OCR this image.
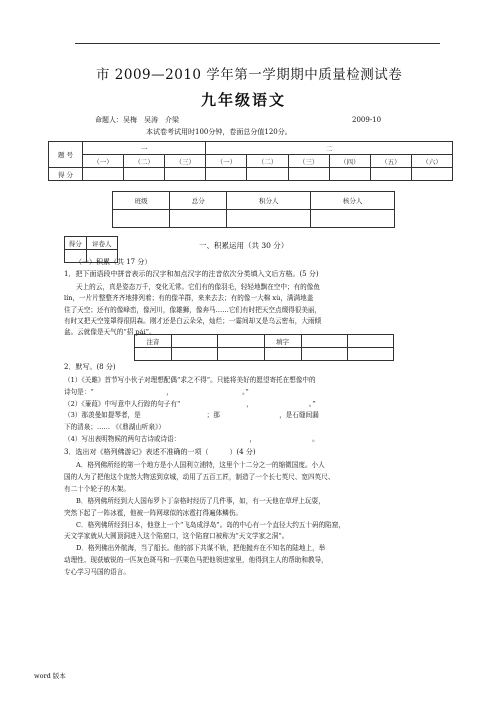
市 2009—2010 学年第一学期期中质量检测试卷
九年级语文
命题人：吴梅　吴涛　介梁	2009-10
本试卷考试用时100分钟，卷面总分值120分。
题 号	一			二					
	（一）	（二）	（三）	（一）	（二）	（三）	（四）	（五）	（六）
得 分									
班级	总分	积分人	核分人

得分	评卷人
		一、积累运用（共 30 分）
（一）积累（共 17 分）
1．把下面语段中拼音表示的汉字和加点汉字的注音依次分类填入文后方格。(5 分)

天上的云，真是姿态万千，变化无常。它们有的像羽毛，轻轻地飘在空中；有的像鱼

lín，一片片整整齐齐地排列着；有的像羊群，来来去去；有的像一大棉 xù，满满地盖

住了天空；还有的像峰峦，像河川，像雄狮，像奔马……它们有时把天空点缀得很美丽，

有时又把天空笼罩得很阴森。刚才还是白云朵朵，灿烂；一霎间却又是乌云密布，大雨倾

盆。云就像是天气的“招 pái”。

注音			填字		

2．默写。(8 分)

（1）《关雎》首节写小伙子对理想配偶“求之不得”。只能将美好的愿望寄托在想像中的

诗句是：“　　　　　　　　　　　，　　　　　　　　　　　。”

（2）《蒹葭》中写意中人行踪的句子有“　　　　　　　　　　，　　　　　　　　　。”

（3）那羡曼如提琴者，是　　　　　　　　　　；那　　　　　　　　　，是石缝间漏

下的清泉；…… 《《鼎湖山听泉》）

（4）写出表明物候的两句古诗或诗语：　　　　　　　　　　　，　　　　　　　　　。

3．选出对《格列佛游记》表述不准确的一项（　　　）(4 分)

A．格列佛所经的第一个地方是小人国利立浦特，这里个十二分之一的缩微国度。小人

国的人为了把他这个庞然大物送到京城，动用了五百工匠，制造了一个长七英尺、宽四英尺、

有二十个轮子的木架。

B．格列佛所经到大人国布罗卜丁奈格时经历了几件事，如，有一天他在草坪上玩耍，

突然下起了一阵冰雹，他被一阵网球似的冰雹打得遍体鳞伤。

C．格列佛所经到日本，他登上一个“飞岛成浮岛”。岛的中心有一个直径大约五十码的陷窟，

天文学家就从大圆顶洞进入这个陷窟口，这个陷窟口被称为“天文学家之洞”。

D．格列佛出外航海，当了船长。他的部下共谋不轨，把他抛弃在不知名的陆地上，举

动理性、现获敏锐的一匹灰色斑马和一匹栗色马把他领进家里，他得到主人的帮助和教导，

专心学习马国的语言。

word 版本
